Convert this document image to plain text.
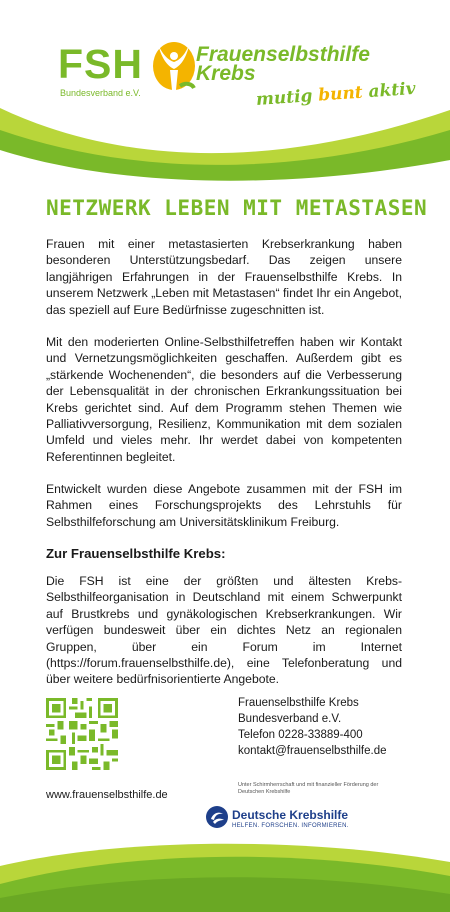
FSH
Bundesverband e.V.
Frauenselbsthilfe
Krebs
mutig bunt aktiv
NETZWERK LEBEN MIT METASTASEN

Frauen mit einer metastasierten Krebserkrankung haben besonderen Unterstützungsbedarf. Das zeigen unsere langjährigen Erfahrungen in der Frauenselbsthilfe Krebs. In unserem Netzwerk „Leben mit Metastasen“ findet Ihr ein Angebot, das speziell auf Eure Bedürfnisse zugeschnitten ist.

Mit den moderierten Online-Selbsthilfetreffen haben wir Kontakt und Vernetzungsmöglichkeiten geschaffen. Außerdem gibt es „stärkende Wochenenden“, die besonders auf die Verbesserung der Lebensqualität in der chronischen Erkrankungssituation bei Krebs gerichtet sind. Auf dem Programm stehen Themen wie Palliativversorgung, Resilienz, Kommunikation mit dem sozialen Umfeld und vieles mehr. Ihr werdet dabei von kompetenten Referentinnen begleitet.

Entwickelt wurden diese Angebote zusammen mit der FSH im Rahmen eines Forschungsprojekts des Lehrstuhls für Selbsthilfeforschung am Universitätsklinikum Freiburg.

Zur Frauenselbsthilfe Krebs:

Die FSH ist eine der größten und ältesten Krebs-Selbsthilfeorganisation in Deutschland mit einem Schwerpunkt auf Brustkrebs und gynäkologischen Krebserkrankungen. Wir verfügen bundesweit über ein dichtes Netz an regionalen Gruppen, über ein Forum im Internet (https://forum.frauenselbsthilfe.de), eine Telefonberatung und über weitere bedürfnisorientierte Angebote.

Frauenselbsthilfe Krebs
Bundesverband e.V.
Telefon 0228-33889-400
kontakt@frauenselbsthilfe.de
www.frauenselbsthilfe.de
Unter Schirmherrschaft und mit finanzieller Förderung der Deutschen Krebshilfe
Deutsche Krebshilfe
HELFEN. FORSCHEN. INFORMIEREN.
